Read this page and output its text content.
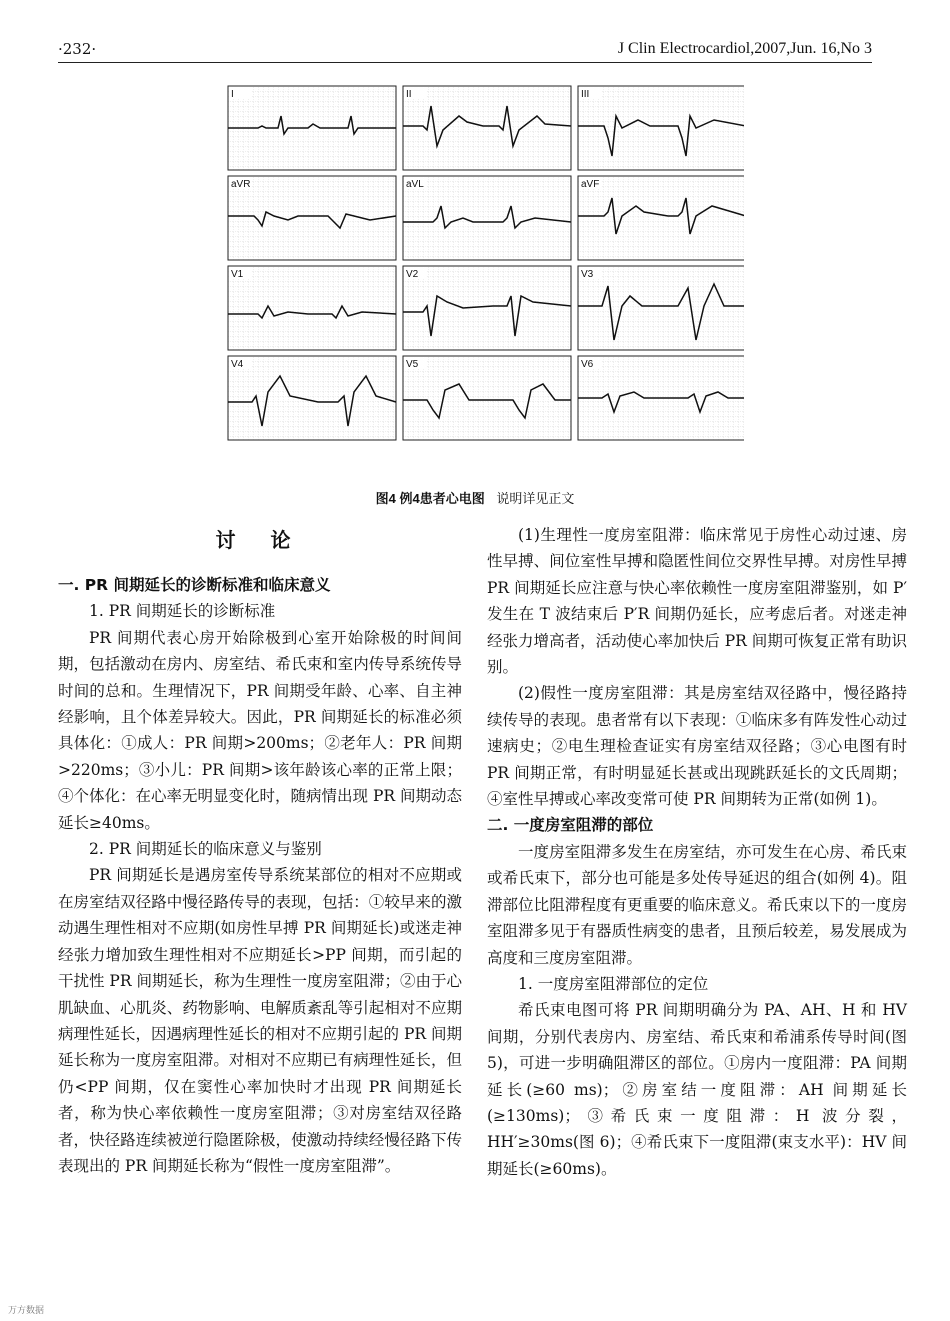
·232·	J Clin Electrocardiol,2007,Jun. 16,No 3
I	II	III
aVR	aVL	aVF
V1	V2	V3
V4	V5	V6
图4 例4患者心电图 说明详见正文
讨 论
一. PR 间期延长的诊断标准和临床意义
1. PR 间期延长的诊断标准

PR 间期代表心房开始除极到心室开始除极的时间间期，包括激动在房内、房室结、希氏束和室内传导系统传导时间的总和。生理情况下，PR 间期受年龄、心率、自主神经影响，且个体差异较大。因此，PR 间期延长的标准必须具体化：①成人：PR 间期>200ms；②老年人：PR 间期>220ms；③小儿：PR 间期>该年龄该心率的正常上限；④个体化：在心率无明显变化时，随病情出现 PR 间期动态延长≥40ms。

2. PR 间期延长的临床意义与鉴别

PR 间期延长是遇房室传导系统某部位的相对不应期或在房室结双径路中慢径路传导的表现，包括：①较早来的激动遇生理性相对不应期(如房性早搏 PR 间期延长)或迷走神经张力增加致生理性相对不应期延长>PP 间期，而引起的干扰性 PR 间期延长，称为生理性一度房室阻滞；②由于心肌缺血、心肌炎、药物影响、电解质紊乱等引起相对不应期病理性延长，因遇病理性延长的相对不应期引起的 PR 间期延长称为一度房室阻滞。对相对不应期已有病理性延长，但仍<PP 间期，仅在窦性心率加快时才出现 PR 间期延长者，称为快心率依赖性一度房室阻滞；③对房室结双径路者，快径路连续被逆行隐匿除极，使激动持续经慢径路下传表现出的 PR 间期延长称为“假性一度房室阻滞”。

(1)生理性一度房室阻滞：临床常见于房性心动过速、房性早搏、间位室性早搏和隐匿性间位交界性早搏。对房性早搏 PR 间期延长应注意与快心率依赖性一度房室阻滞鉴别，如 P′ 发生在 T 波结束后 P′R 间期仍延长，应考虑后者。对迷走神经张力增高者，活动使心率加快后 PR 间期可恢复正常有助识别。

(2)假性一度房室阻滞：其是房室结双径路中，慢径路持续传导的表现。患者常有以下表现：①临床多有阵发性心动过速病史；②电生理检查证实有房室结双径路；③心电图有时 PR 间期正常，有时明显延长甚或出现跳跃延长的文氏周期；④室性早搏或心率改变常可使 PR 间期转为正常(如例 1)。

二. 一度房室阻滞的部位

一度房室阻滞多发生在房室结，亦可发生在心房、希氏束或希氏束下，部分也可能是多处传导延迟的组合(如例 4)。阻滞部位比阻滞程度有更重要的临床意义。希氏束以下的一度房室阻滞多见于有器质性病变的患者，且预后较差，易发展成为高度和三度房室阻滞。

1. 一度房室阻滞部位的定位

希氏束电图可将 PR 间期明确分为 PA、AH、H 和 HV 间期，分别代表房内、房室结、希氏束和希浦系传导时间(图 5)，可进一步明确阻滞区的部位。①房内一度阻滞：PA 间期延长(≥60 ms)；②房室结一度阻滞：AH 间期延长(≥130ms)；③希氏束一度阻滞：H 波分裂，HH′≥30ms(图 6)；④希氏束下一度阻滞(束支水平)：HV 间期延长(≥60ms)。

万方数据
